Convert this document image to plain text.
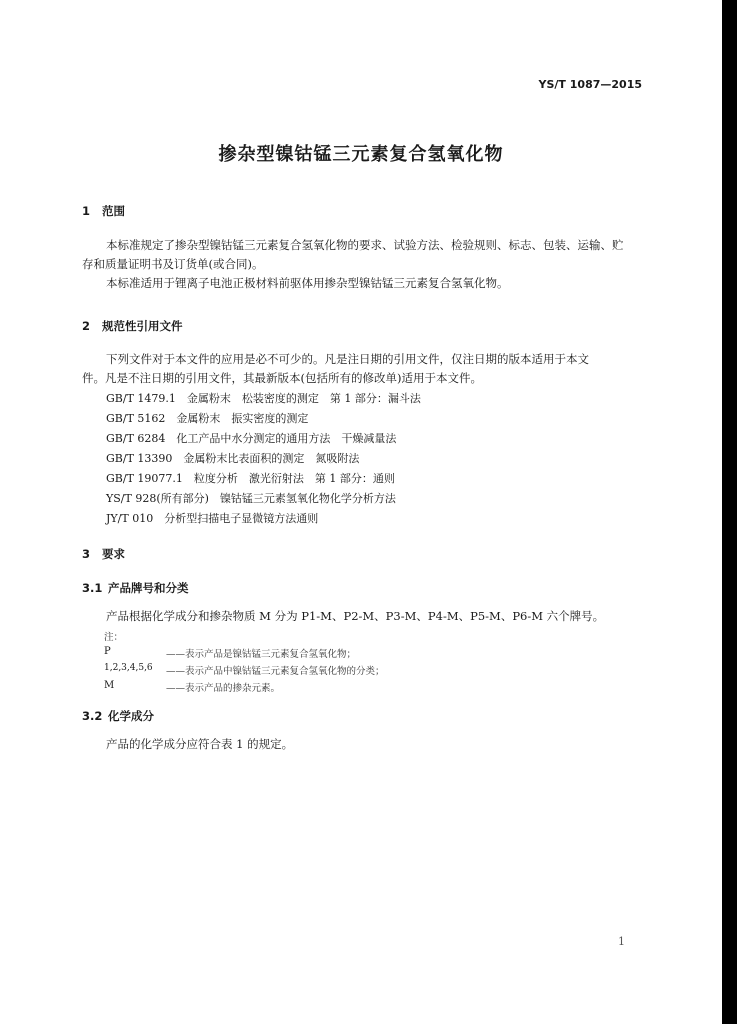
YS/T 1087—2015
掺杂型镍钴锰三元素复合氢氧化物
1 范围
本标准规定了掺杂型镍钴锰三元素复合氢氧化物的要求、试验方法、检验规则、标志、包装、运输、贮
存和质量证明书及订货单(或合同)。
本标准适用于锂离子电池正极材料前驱体用掺杂型镍钴锰三元素复合氢氧化物。
2 规范性引用文件
下列文件对于本文件的应用是必不可少的。凡是注日期的引用文件，仅注日期的版本适用于本文
件。凡是不注日期的引用文件，其最新版本(包括所有的修改单)适用于本文件。
GB/T 1479.1　金属粉末　松装密度的测定　第 1 部分：漏斗法
GB/T 5162　金属粉末　振实密度的测定
GB/T 6284　化工产品中水分测定的通用方法　干燥减量法
GB/T 13390　金属粉末比表面积的测定　氮吸附法
GB/T 19077.1　粒度分析　激光衍射法　第 1 部分：通则
YS/T 928(所有部分)　镍钴锰三元素氢氧化物化学分析方法
JY/T 010　分析型扫描电子显微镜方法通则
3 要求
3.1 产品牌号和分类
产品根据化学成分和掺杂物质 M 分为 P1-M、P2-M、P3-M、P4-M、P5-M、P6-M 六个牌号。
注：
P	——表示产品是镍钴锰三元素复合氢氧化物；
1,2,3,4,5,6 ——表示产品中镍钴锰三元素复合氢氧化物的分类；
M	——表示产品的掺杂元素。
3.2 化学成分
产品的化学成分应符合表 1 的规定。
1
